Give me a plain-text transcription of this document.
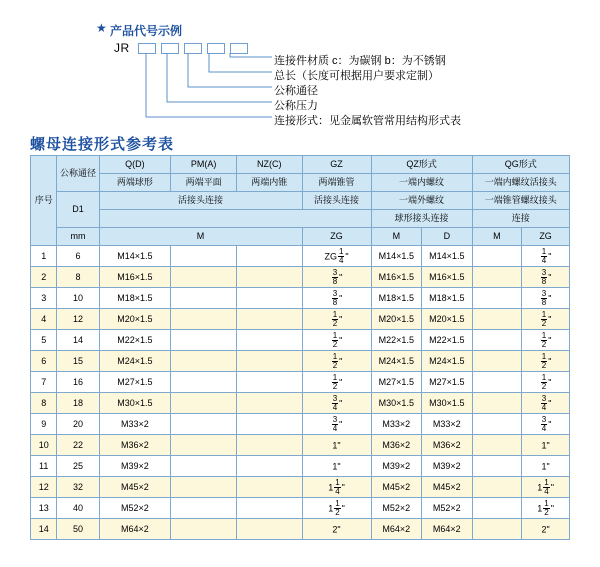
★ 产品代号示例
JR
连接件材质 c：为碳钢 b：为不锈钢
总长（长度可根据用户要求定制）
公称通径
公称压力
连接形式：见金属软管常用结构形式表
螺母连接形式参考表
序号	公称通径	Q(D)	PM(A)	NZ(C)	GZ	QZ形式		QG形式	
		两端球形	两端平面	两端内锥	两端锥管	一端内螺纹		一端内螺纹活接头	
	D1	活接头连接			活接头连接	一端外螺纹		一端锥管螺纹接头	
						球形接头连接		连接	
	mm	M			ZG	M	D	M	ZG
1	6	M14×1.5			ZG $\frac{1}{4}$ "	M14×1.5	M14×1.5		$\frac{1}{4}$ "
2	8	M16×1.5			$\frac{3}{8}$ "	M16×1.5	M16×1.5		$\frac{3}{8}$ "
3	10	M18×1.5			$\frac{3}{8}$ "	M18×1.5	M18×1.5		$\frac{3}{8}$ "
4	12	M20×1.5			$\frac{1}{2}$ "	M20×1.5	M20×1.5		$\frac{1}{2}$ "
5	14	M22×1.5			$\frac{1}{2}$ "	M22×1.5	M22×1.5		$\frac{1}{2}$ "
6	15	M24×1.5			$\frac{1}{2}$ "	M24×1.5	M24×1.5		$\frac{1}{2}$ "
7	16	M27×1.5			$\frac{1}{2}$ "	M27×1.5	M27×1.5		$\frac{1}{2}$ "
8	18	M30×1.5			$\frac{3}{4}$ "	M30×1.5	M30×1.5		$\frac{3}{4}$ "
9	20	M33×2			$\frac{3}{4}$ "	M33×2	M33×2		$\frac{3}{4}$ "
10	22	M36×2			1"	M36×2	M36×2		1"
11	25	M39×2			1"	M39×2	M39×2		1"
12	32	M45×2			$1 \frac{1}{4}$ "	M45×2	M45×2		$1 \frac{1}{4}$ "
13	40	M52×2			$1 \frac{1}{2}$ "	M52×2	M52×2		$1 \frac{1}{2}$ "
14	50	M64×2			2"	M64×2	M64×2		2"
